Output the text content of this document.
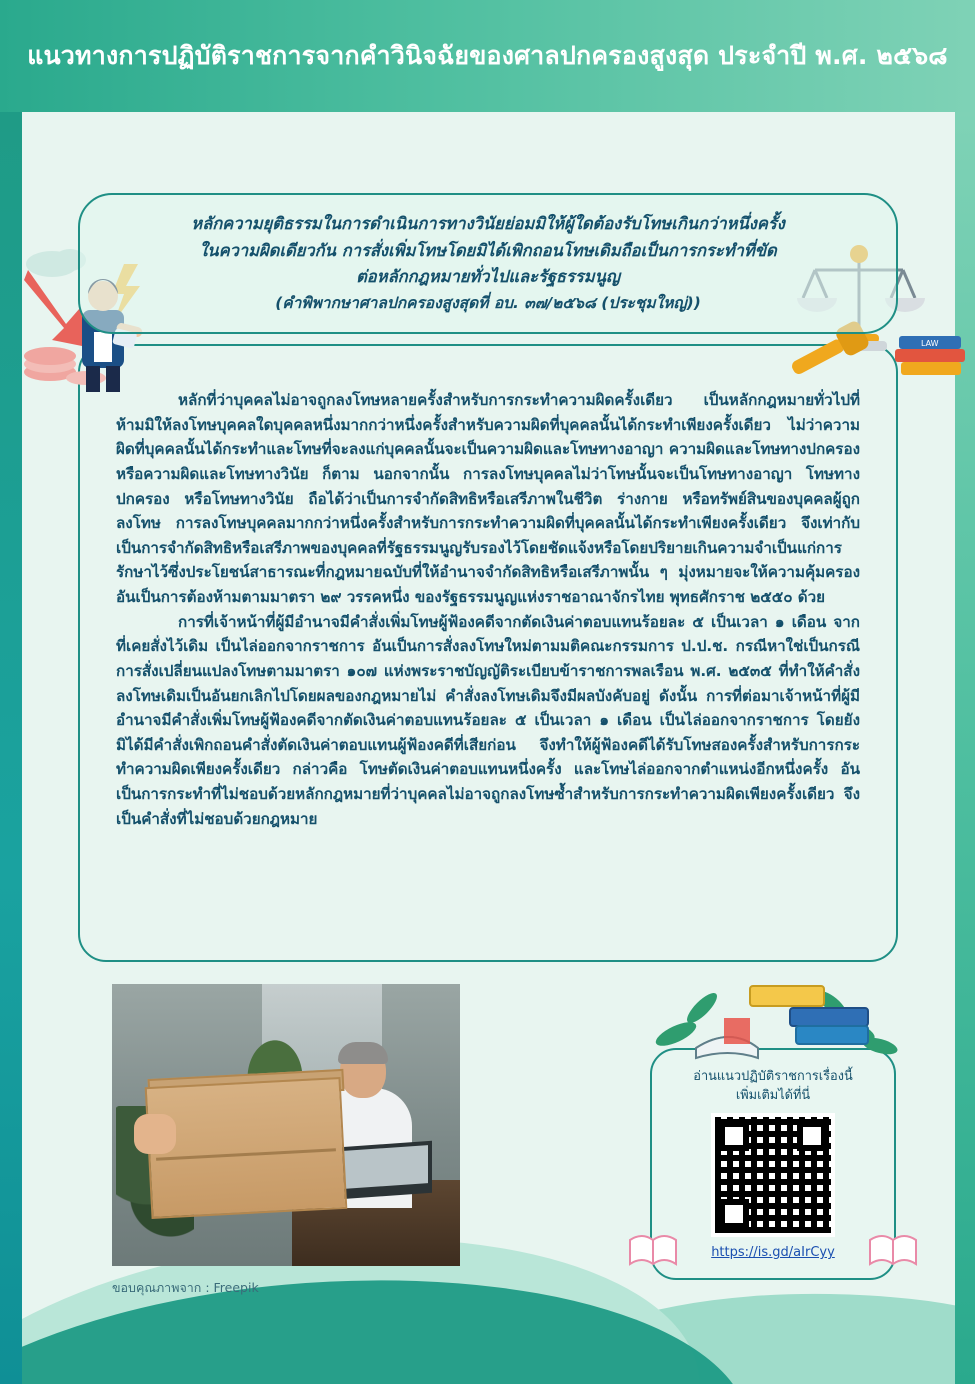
แนวทางการปฏิบัติราชการจากคำวินิจฉัยของศาลปกครองสูงสุด ประจำปี พ.ศ. ๒๕๖๘
LAW
หลักความยุติธรรมในการดำเนินการทางวินัยย่อมมิให้ผู้ใดต้องรับโทษเกินกว่าหนึ่งครั้ง
ในความผิดเดียวกัน การสั่งเพิ่มโทษโดยมิได้เพิกถอนโทษเดิมถือเป็นการกระทำที่ขัด
ต่อหลักกฎหมายทั่วไปและรัฐธรรมนูญ
(คำพิพากษาศาลปกครองสูงสุดที่ อบ. ๓๗/๒๕๖๘ (ประชุมใหญ่))

หลักที่ว่าบุคคลไม่อาจถูกลงโทษหลายครั้งสำหรับการกระทำความผิดครั้งเดียว เป็นหลักกฎหมายทั่วไปที่ห้ามมิให้ลงโทษบุคคลใดบุคคลหนึ่งมากกว่าหนึ่งครั้งสำหรับความผิดที่บุคคลนั้นได้กระทำเพียงครั้งเดียว ไม่ว่าความผิดที่บุคคลนั้นได้กระทำและโทษที่จะลงแก่บุคคลนั้นจะเป็นความผิดและโทษทางอาญา ความผิดและโทษทางปกครอง หรือความผิดและโทษทางวินัย ก็ตาม นอกจากนั้น การลงโทษบุคคลไม่ว่าโทษนั้นจะเป็นโทษทางอาญา โทษทางปกครอง หรือโทษทางวินัย ถือได้ว่าเป็นการจำกัดสิทธิหรือเสรีภาพในชีวิต ร่างกาย หรือทรัพย์สินของบุคคลผู้ถูกลงโทษ การลงโทษบุคคลมากกว่าหนึ่งครั้งสำหรับการกระทำความผิดที่บุคคลนั้นได้กระทำเพียงครั้งเดียว จึงเท่ากับเป็นการจำกัดสิทธิหรือเสรีภาพของบุคคลที่รัฐธรรมนูญรับรองไว้โดยชัดแจ้งหรือโดยปริยายเกินความจำเป็นแก่การรักษาไว้ซึ่งประโยชน์สาธารณะที่กฎหมายฉบับที่ให้อำนาจจำกัดสิทธิหรือเสรีภาพนั้น ๆ มุ่งหมายจะให้ความคุ้มครอง อันเป็นการต้องห้ามตามมาตรา ๒๙ วรรคหนึ่ง ของรัฐธรรมนูญแห่งราชอาณาจักรไทย พุทธศักราช ๒๕๕๐ ด้วย

การที่เจ้าหน้าที่ผู้มีอำนาจมีคำสั่งเพิ่มโทษผู้ฟ้องคดีจากตัดเงินค่าตอบแทนร้อยละ ๕ เป็นเวลา ๑ เดือน จากที่เคยสั่งไว้เดิม เป็นไล่ออกจากราชการ อันเป็นการสั่งลงโทษใหม่ตามมติคณะกรรมการ ป.ป.ช. กรณีหาใช่เป็นกรณีการสั่งเปลี่ยนแปลงโทษตามมาตรา ๑๐๗ แห่งพระราชบัญญัติระเบียบข้าราชการพลเรือน พ.ศ. ๒๕๓๕ ที่ทำให้คำสั่งลงโทษเดิมเป็นอันยกเลิกไปโดยผลของกฎหมายไม่ คำสั่งลงโทษเดิมจึงมีผลบังคับอยู่ ดังนั้น การที่ต่อมาเจ้าหน้าที่ผู้มีอำนาจมีคำสั่งเพิ่มโทษผู้ฟ้องคดีจากตัดเงินค่าตอบแทนร้อยละ ๕ เป็นเวลา ๑ เดือน เป็นไล่ออกจากราชการ โดยยังมิได้มีคำสั่งเพิกถอนคำสั่งตัดเงินค่าตอบแทนผู้ฟ้องคดีที่เสียก่อน จึงทำให้ผู้ฟ้องคดีได้รับโทษสองครั้งสำหรับการกระทำความผิดเพียงครั้งเดียว กล่าวคือ โทษตัดเงินค่าตอบแทนหนึ่งครั้ง และโทษไล่ออกจากตำแหน่งอีกหนึ่งครั้ง อันเป็นการกระทำที่ไม่ชอบด้วยหลักกฎหมายที่ว่าบุคคลไม่อาจถูกลงโทษซ้ำสำหรับการกระทำความผิดเพียงครั้งเดียว จึงเป็นคำสั่งที่ไม่ชอบด้วยกฎหมาย

ขอบคุณภาพจาก : Freepik
อ่านแนวปฏิบัติราชการเรื่องนี้
เพิ่มเติมได้ที่นี่
https://is.gd/aIrCyy
